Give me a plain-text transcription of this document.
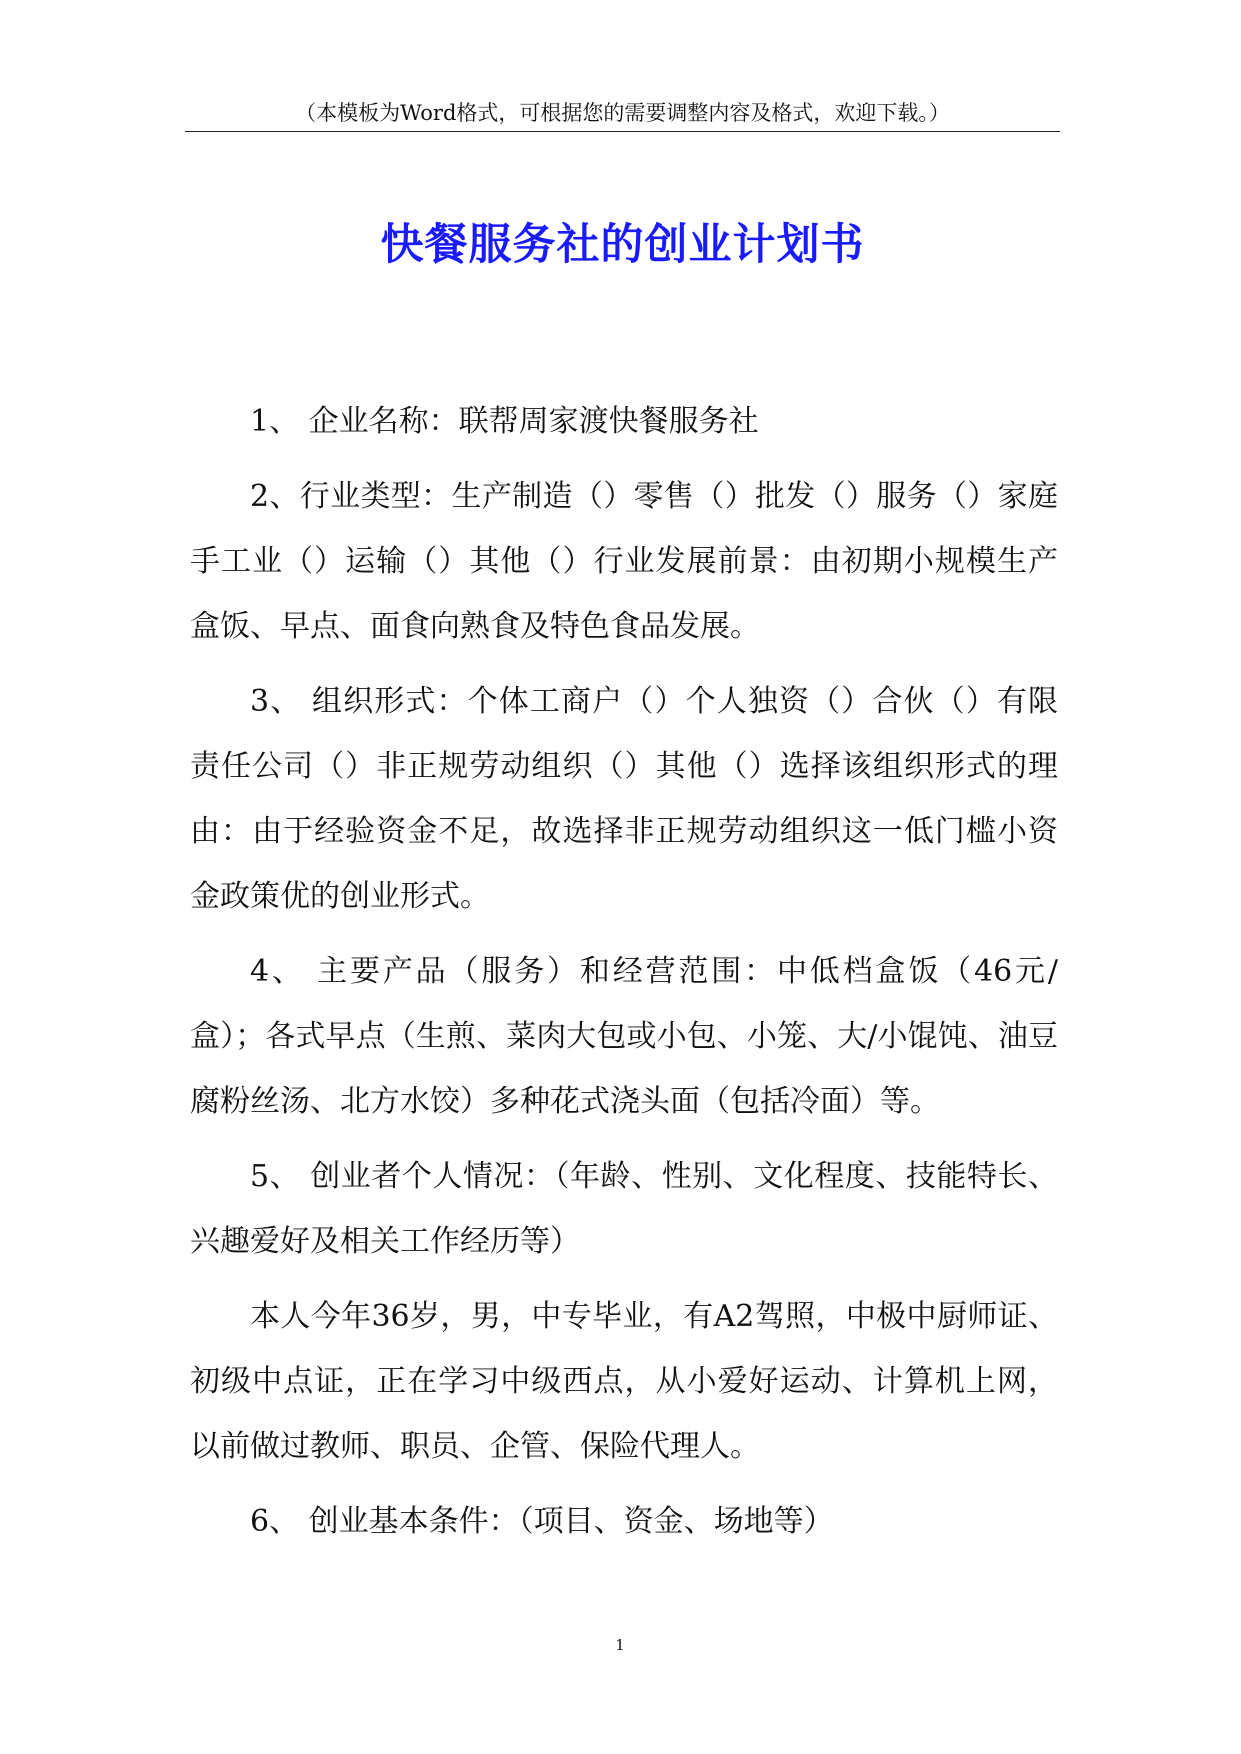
（本模板为Word格式，可根据您的需要调整内容及格式，欢迎下载。）
快餐服务社的创业计划书

1、 企业名称：联帮周家渡快餐服务社

2、行业类型：生产制造（）零售（）批发（）服务（）家庭手工业（）运输（）其他（）行业发展前景：由初期小规模生产盒饭、早点、面食向熟食及特色食品发展。

3、 组织形式：个体工商户（）个人独资（）合伙（）有限责任公司（）非正规劳动组织（）其他（）选择该组织形式的理由：由于经验资金不足，故选择非正规劳动组织这一低门槛小资金政策优的创业形式。

4、 主要产品（服务）和经营范围：中低档盒饭（46元/盒）；各式早点（生煎、菜肉大包或小包、小笼、大/小馄饨、油豆腐粉丝汤、北方水饺）多种花式浇头面（包括冷面）等。

5、 创业者个人情况：（年龄、性别、文化程度、技能特长、兴趣爱好及相关工作经历等）

本人今年36岁，男，中专毕业，有A2驾照，中极中厨师证、初级中点证，正在学习中级西点，从小爱好运动、计算机上网，以前做过教师、职员、企管、保险代理人。

6、 创业基本条件：（项目、资金、场地等）

1
